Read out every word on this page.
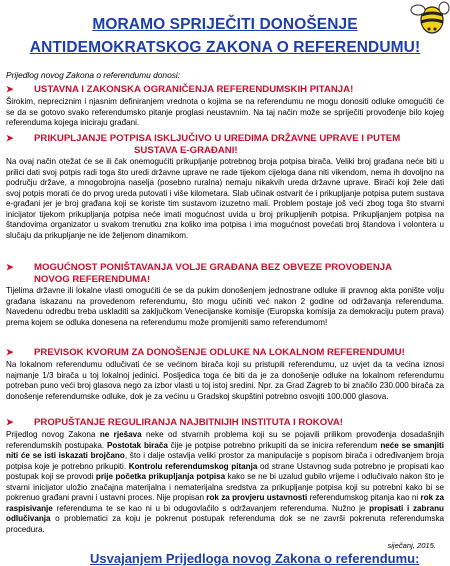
MORAMO SPRIJEČITI DONOŠENJE
ANTIDEMOKRATSKOG ZAKONA O REFERENDUMU!
Prijedlog novog Zakona o referendumu donosi:
➤	USTAVNA I ZAKONSKA OGRANIČENJA REFERENDUMSKIH PITANJA!
Širokim, nepreciznim i njasnim definiranjem vrednota o kojima se na referendumu ne mogu donositi odluke omogućiti će se da se gotovo svako referendumsko pitanje proglasi neustavnim. Na taj način može se spriječiti provođenje bilo kojeg referenduma kojega iniciraju građani.
➤	PRIKUPLJANJE POTPISA ISKLJUČIVO U UREDIMA DRŽAVNE UPRAVE I PUTEM
SUSTAVA E-GRAĐANI!
Na ovaj način otežat će se ili čak onemogućiti prikupljanje potrebnog broja potpisa birača. Veliki broj građana neće biti u prilici dati svoj potpis radi toga što uredi državne uprave ne rade tijekom cijeloga dana niti vikendom, nema ih dovoljno na području države, a mnogobrojna naselja (posebno ruralna) nemaju nikakvih ureda državne uprave. Birači koji žele dati svoj potpis morati će do prvog ureda putovati i više kilometara. Slab učinak ostvarit će i prikupljanje potpisa putem sustava e-građani jer je broj građana koji se koriste tim sustavom izuzetno mali. Problem postaje još veći zbog toga što stvarni inicijator tijekom prikupljanja potpisa neće imati mogućnost uvida u broj prikupljenih potpisa. Prikupljanjem potpisa na štandovima organizator u svakom trenutku zna koliko ima potpisa i ima mogućnost povećati broj štandova i volontera u slučaju da prikupljanje ne ide željenom dinamikom.
➤	MOGUĆNOST PONIŠTAVANJA VOLJE GRAĐANA BEZ OBVEZE PROVOĐENJA
NOVOG REFERENDUMA!
Tijelima državne ili lokalne vlasti omogućiti će se da pukim donošenjem jednostrane odluke ili pravnog akta ponište volju građana iskazanu na provedenom referendumu, što mogu učiniti već nakon 2 godine od održavanja referenduma. Navedenu odredbu treba uskladiti sa zaključkom Venecijanske komisije (Europska komisija za demokraciju putem prava) prema kojem se odluka donesena na referendumu može promijeniti samo referendumom!
➤	PREVISOK KVORUM ZA DONOŠENJE ODLUKE NA LOKALNOM REFERENDUMU!
Na lokalnom referendumu odlučivati će se većinom birača koji su pristupili referendumu, uz uvjet da ta većina iznosi najmanje 1/3 birača u toj lokalnoj jedinici. Posljedica toga će biti da je za donošenje odluke na lokalnom referendumu potreban puno veći broj glasova nego za izbor vlasti u toj istoj sredini. Npr. za Grad Zagreb to bi značilo 230.000 birača za donošenje referendumske odluke, dok je za većinu u Gradskoj skupštini potrebno osvojiti 100.000 glasova.
➤	PROPUŠTANJE REGULIRANJA NAJBITNIJIH INSTITUTA I ROKOVA!
Prijedlog novog Zakona ne rješava neke od stvarnih problema koji su se pojavili prilikom provođenja dosadašnjih referendumskih postupaka. Postotak birača čije je potpise potrebno prikupiti da se inicira referendum neće se smanjiti niti će se isti iskazati brojčano, što i dalje ostavlja veliki prostor za manipulacije s popisom birača i određivanjem broja potpisa koje je potrebno prikupiti. Kontrolu referendumskog pitanja od strane Ustavnog suda potrebno je propisati kao postupak koji se provodi prije početka prikupljanja potpisa kako se ne bi uzalud gubilo vrijeme i odlučivalo nakon što je stvarni inicijator uložio značajna materijalna i nematerijalna sredstva za prikupljanje potpisa koji su potrebni kako bi se pokrenuo građani pravni i ustavni proces. Nije propisan rok za provjeru ustavnosti referendumskog pitanja kao ni rok za raspisivanje referenduma te se kao ni u bi odugovlačilo s održavanjem referenduma. Nužno je propisati i zabranu odlučivanja o problematici za koju je pokrenut postupak referenduma dok se ne završi pokrenuta referendumska procedura.
siječanj, 2015.
Usvajanjem Prijedloga novog Zakona o referendumu:
